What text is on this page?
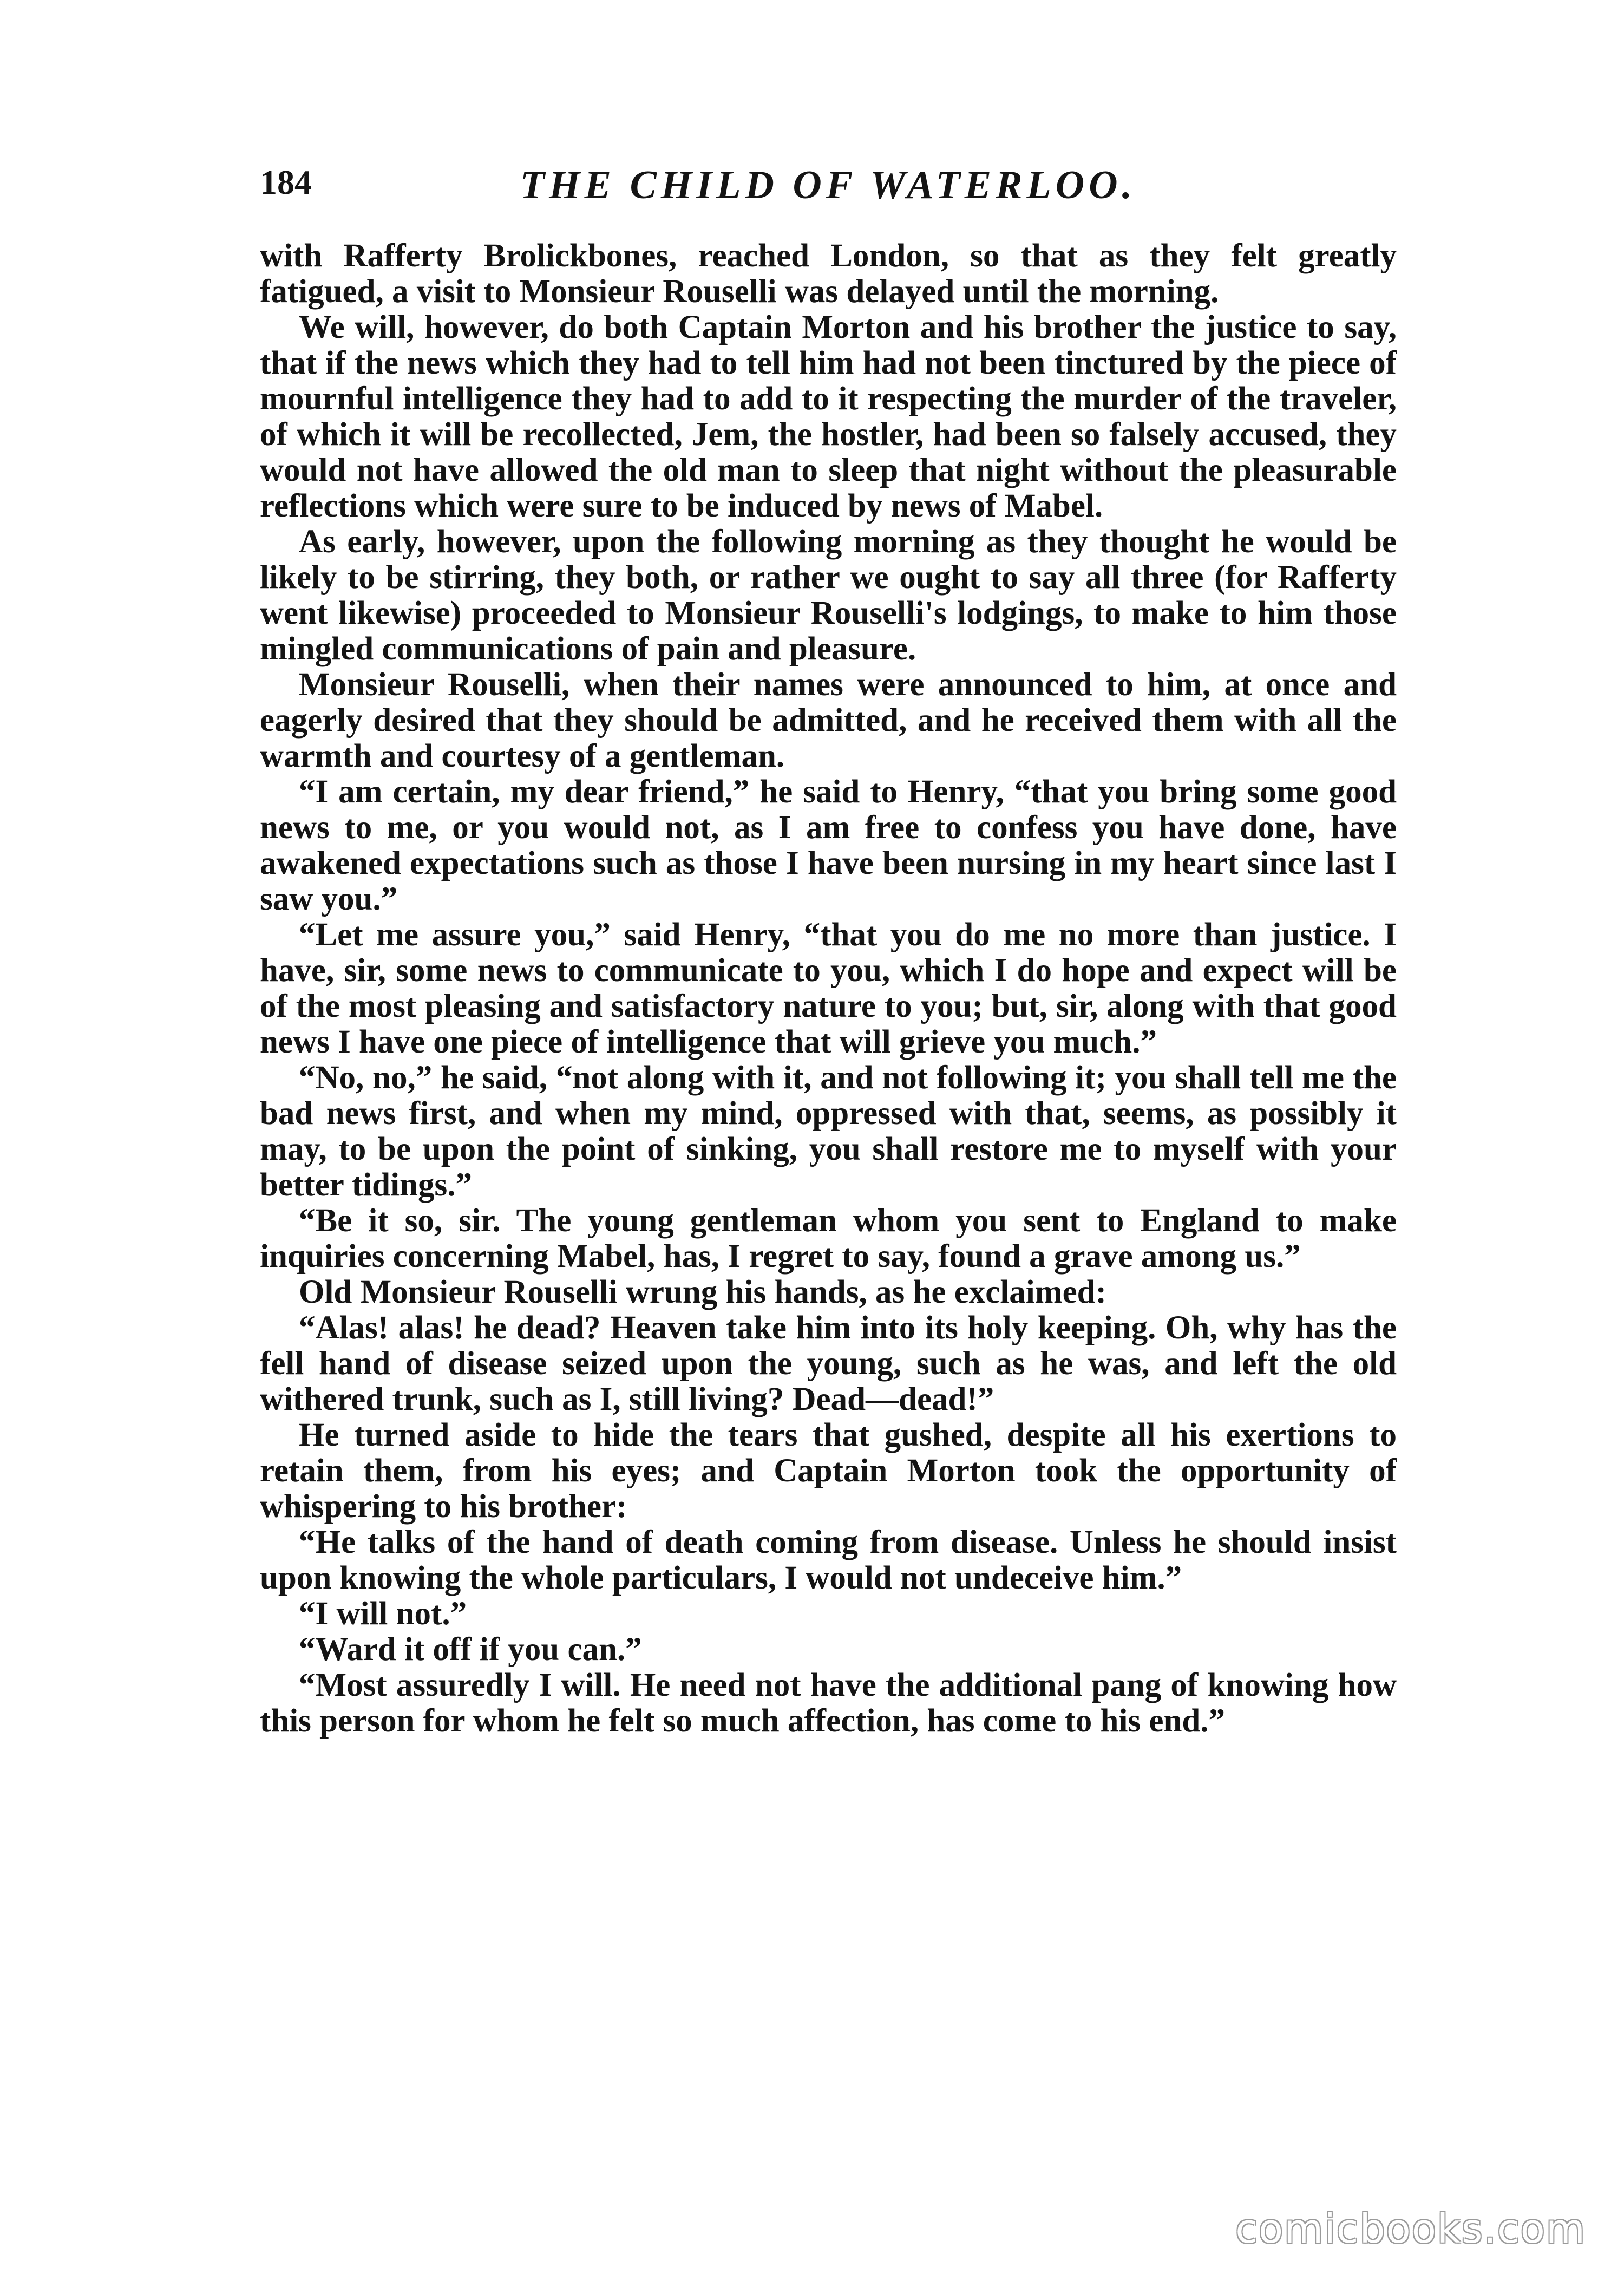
184	THE CHILD OF WATERLOO.

with Rafferty Brolickbones, reached London, so that as they felt greatly fatigued, a visit to Monsieur Rouselli was delayed until the morning.

We will, however, do both Captain Morton and his brother the justice to say, that if the news which they had to tell him had not been tinctured by the piece of mournful intelligence they had to add to it respecting the murder of the traveler, of which it will be recollected, Jem, the hostler, had been so falsely accused, they would not have allowed the old man to sleep that night without the pleasurable reflections which were sure to be induced by news of Mabel.

As early, however, upon the following morning as they thought he would be likely to be stirring, they both, or rather we ought to say all three (for Rafferty went likewise) proceeded to Monsieur Rouselli's lodgings, to make to him those mingled communications of pain and pleasure.

Monsieur Rouselli, when their names were announced to him, at once and eagerly desired that they should be admitted, and he received them with all the warmth and courtesy of a gentleman.

“I am certain, my dear friend,” he said to Henry, “that you bring some good news to me, or you would not, as I am free to confess you have done, have awakened expectations such as those I have been nursing in my heart since last I saw you.”

“Let me assure you,” said Henry, “that you do me no more than justice. I have, sir, some news to communicate to you, which I do hope and expect will be of the most pleasing and satisfactory nature to you; but, sir, along with that good news I have one piece of intelligence that will grieve you much.”

“No, no,” he said, “not along with it, and not following it; you shall tell me the bad news first, and when my mind, oppressed with that, seems, as possibly it may, to be upon the point of sinking, you shall restore me to myself with your better tidings.”

“Be it so, sir. The young gentleman whom you sent to England to make inquiries concerning Mabel, has, I regret to say, found a grave among us.”

Old Monsieur Rouselli wrung his hands, as he exclaimed:

“Alas! alas! he dead? Heaven take him into its holy keeping. Oh, why has the fell hand of disease seized upon the young, such as he was, and left the old withered trunk, such as I, still living? Dead—dead!”

He turned aside to hide the tears that gushed, despite all his exertions to retain them, from his eyes; and Captain Morton took the opportunity of whispering to his brother:

“He talks of the hand of death coming from disease. Unless he should insist upon knowing the whole particulars, I would not undeceive him.”

“I will not.”

“Ward it off if you can.”

“Most assuredly I will. He need not have the additional pang of knowing how this person for whom he felt so much affection, has come to his end.”

comicbooks.com
